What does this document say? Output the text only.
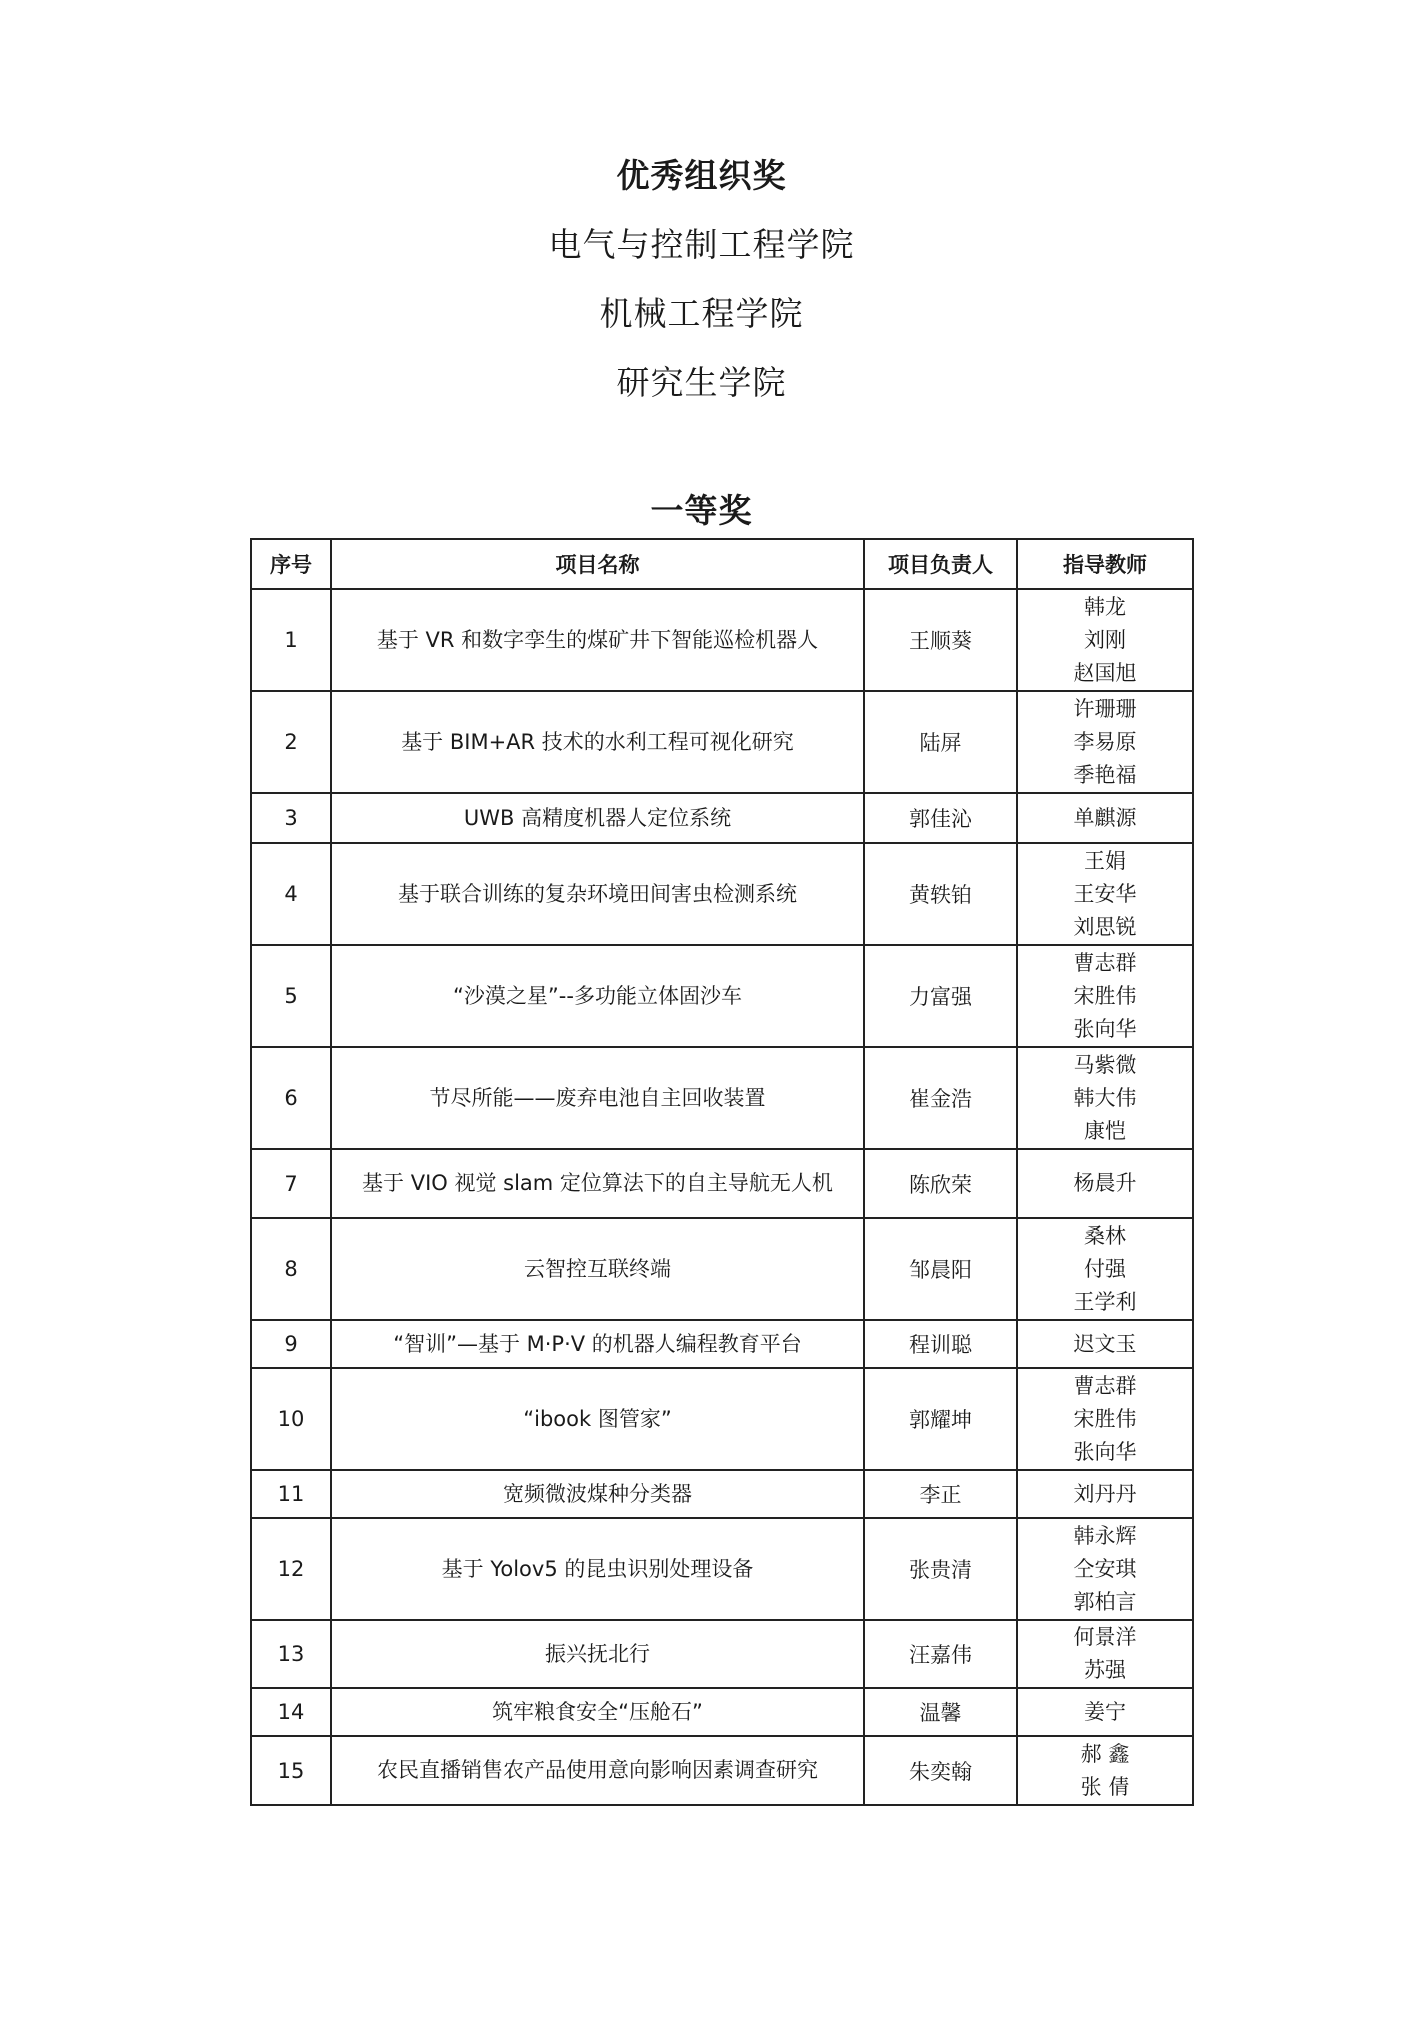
优秀组织奖
电气与控制工程学院
机械工程学院
研究生学院
一等奖
序号	项目名称	项目负责人	指导教师
1	基于 VR 和数字孪生的煤矿井下智能巡检机器人	王顺葵	韩龙
刘刚
赵国旭

2	基于 BIM+AR 技术的水利工程可视化研究	陆屏	许珊珊
李易原
季艳福

3	UWB 高精度机器人定位系统	郭佳沁	单麒源

4	基于联合训练的复杂环境田间害虫检测系统	黄轶铂	王娟
王安华
刘思锐

5	“沙漠之星”--多功能立体固沙车	力富强	曹志群
宋胜伟
张向华

6	节尽所能——废弃电池自主回收装置	崔金浩	马紫微
韩大伟
康恺

7	基于 VIO 视觉 slam 定位算法下的自主导航无人机	陈欣荣	杨晨升

8	云智控互联终端	邹晨阳	桑林
付强
王学利

9	“智训”—基于 M·P·V 的机器人编程教育平台	程训聪	迟文玉

10	“ibook 图管家”	郭耀坤	曹志群
宋胜伟
张向华

11	宽频微波煤种分类器	李正	刘丹丹

12	基于 Yolov5 的昆虫识别处理设备	张贵清	韩永辉
仝安琪
郭柏言

13	振兴抚北行	汪嘉伟	何景洋
苏强

14	筑牢粮食安全“压舱石”	温馨	姜宁

15	农民直播销售农产品使用意向影响因素调查研究	朱奕翰	郝 鑫
张 倩
